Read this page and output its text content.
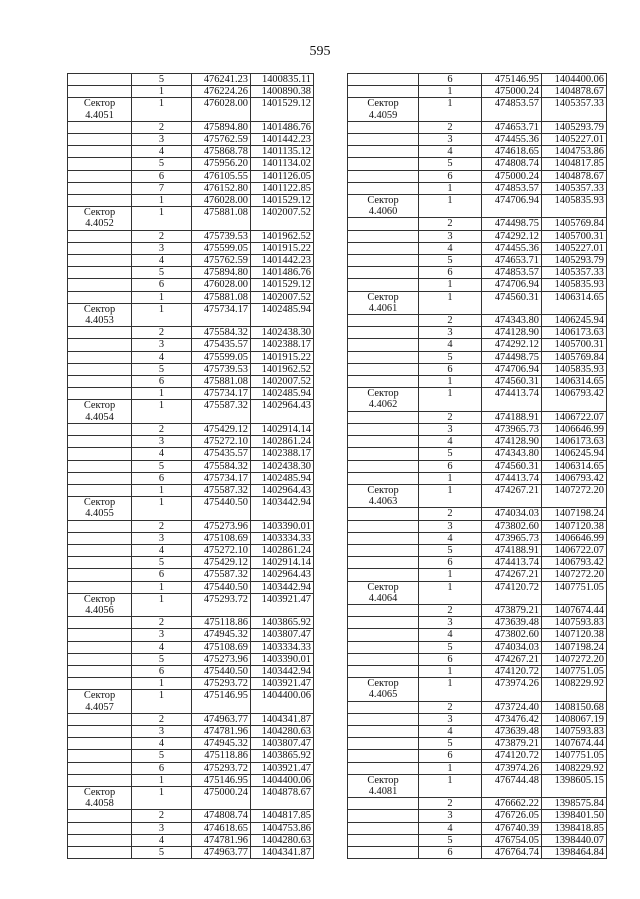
595
	5	476241.23	1400835.11
	1	476224.26	1400890.38

Сектор
4.4051	1	476028.00	1401529.12
	2	475894.80	1401486.76
	3	475762.59	1401442.23
	4	475868.78	1401135.12
	5	475956.20	1401134.02
	6	476105.55	1401126.05
	7	476152.80	1401122.85
	1	476028.00	1401529.12

Сектор
4.4052	1	475881.08	1402007.52
	2	475739.53	1401962.52
	3	475599.05	1401915.22
	4	475762.59	1401442.23
	5	475894.80	1401486.76
	6	476028.00	1401529.12
	1	475881.08	1402007.52

Сектор
4.4053	1	475734.17	1402485.94
	2	475584.32	1402438.30
	3	475435.57	1402388.17
	4	475599.05	1401915.22
	5	475739.53	1401962.52
	6	475881.08	1402007.52
	1	475734.17	1402485.94

Сектор
4.4054	1	475587.32	1402964.43
	2	475429.12	1402914.14
	3	475272.10	1402861.24
	4	475435.57	1402388.17
	5	475584.32	1402438.30
	6	475734.17	1402485.94
	1	475587.32	1402964.43

Сектор
4.4055	1	475440.50	1403442.94
	2	475273.96	1403390.01
	3	475108.69	1403334.33
	4	475272.10	1402861.24
	5	475429.12	1402914.14
	6	475587.32	1402964.43
	1	475440.50	1403442.94

Сектор
4.4056	1	475293.72	1403921.47
	2	475118.86	1403865.92
	3	474945.32	1403807.47
	4	475108.69	1403334.33
	5	475273.96	1403390.01
	6	475440.50	1403442.94
	1	475293.72	1403921.47

Сектор
4.4057	1	475146.95	1404400.06
	2	474963.77	1404341.87
	3	474781.96	1404280.63
	4	474945.32	1403807.47
	5	475118.86	1403865.92
	6	475293.72	1403921.47
	1	475146.95	1404400.06

Сектор
4.4058	1	475000.24	1404878.67
	2	474808.74	1404817.85
	3	474618.65	1404753.86
	4	474781.96	1404280.63
	5	474963.77	1404341.87
	6	475146.95	1404400.06
	1	475000.24	1404878.67

Сектор
4.4059	1	474853.57	1405357.33
	2	474653.71	1405293.79
	3	474455.36	1405227.01
	4	474618.65	1404753.86
	5	474808.74	1404817.85
	6	475000.24	1404878.67
	1	474853.57	1405357.33

Сектор
4.4060	1	474706.94	1405835.93
	2	474498.75	1405769.84
	3	474292.12	1405700.31
	4	474455.36	1405227.01
	5	474653.71	1405293.79
	6	474853.57	1405357.33
	1	474706.94	1405835.93

Сектор
4.4061	1	474560.31	1406314.65
	2	474343.80	1406245.94
	3	474128.90	1406173.63
	4	474292.12	1405700.31
	5	474498.75	1405769.84
	6	474706.94	1405835.93
	1	474560.31	1406314.65

Сектор
4.4062	1	474413.74	1406793.42
	2	474188.91	1406722.07
	3	473965.73	1406646.99
	4	474128.90	1406173.63
	5	474343.80	1406245.94
	6	474560.31	1406314.65
	1	474413.74	1406793.42

Сектор
4.4063	1	474267.21	1407272.20
	2	474034.03	1407198.24
	3	473802.60	1407120.38
	4	473965.73	1406646.99
	5	474188.91	1406722.07
	6	474413.74	1406793.42
	1	474267.21	1407272.20

Сектор
4.4064	1	474120.72	1407751.05
	2	473879.21	1407674.44
	3	473639.48	1407593.83
	4	473802.60	1407120.38
	5	474034.03	1407198.24
	6	474267.21	1407272.20
	1	474120.72	1407751.05

Сектор
4.4065	1	473974.26	1408229.92
	2	473724.40	1408150.68
	3	473476.42	1408067.19
	4	473639.48	1407593.83
	5	473879.21	1407674.44
	6	474120.72	1407751.05
	1	473974.26	1408229.92

Сектор
4.4081	1	476744.48	1398605.15
	2	476662.22	1398575.84
	3	476726.05	1398401.50
	4	476740.39	1398418.85
	5	476754.05	1398440.07
	6	476764.74	1398464.84
